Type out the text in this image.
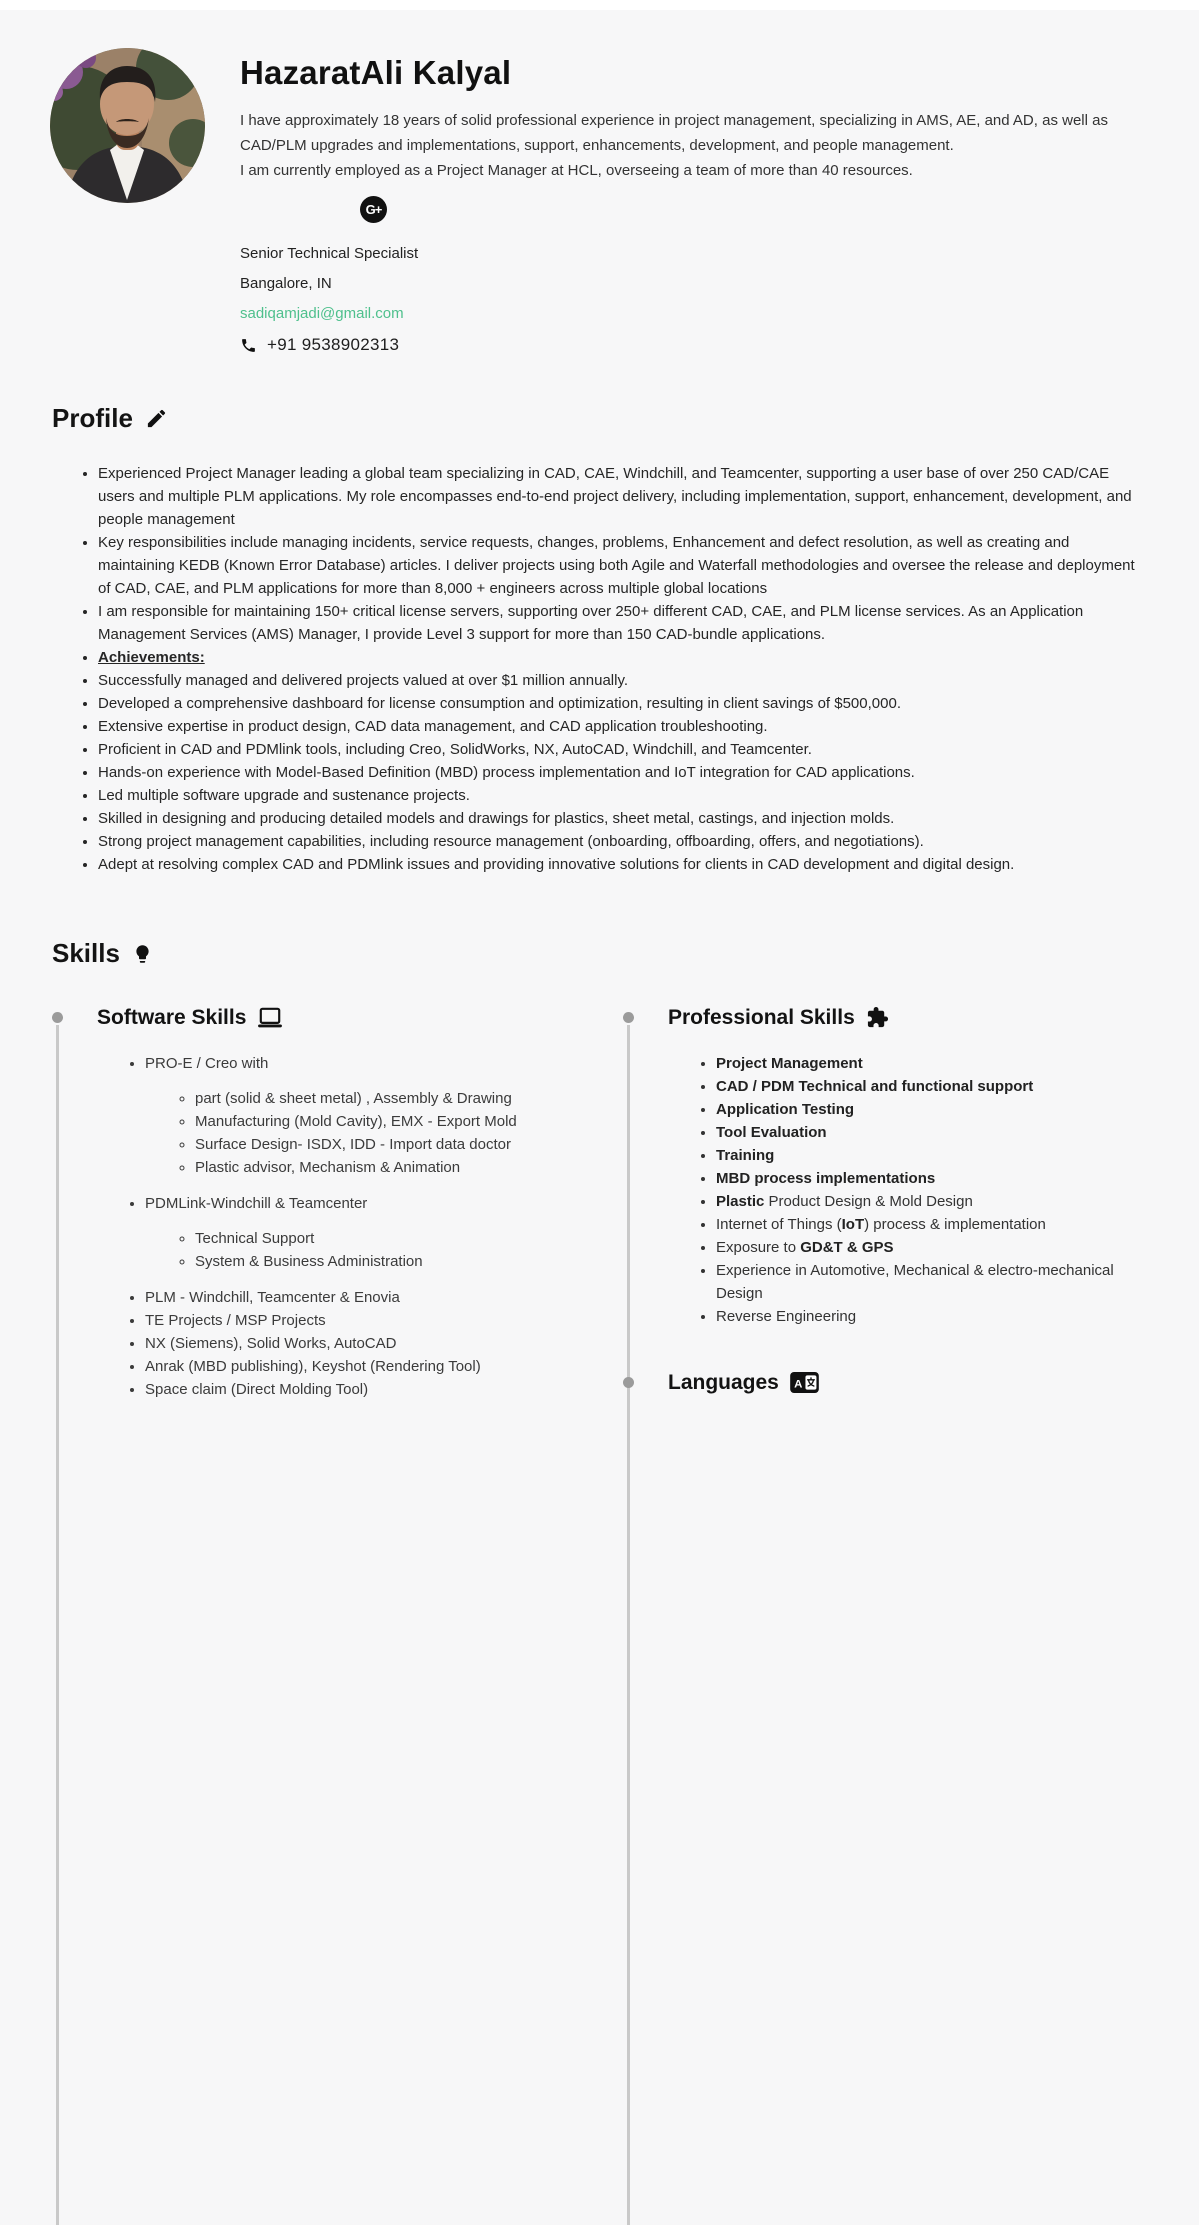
HazaratAli Kalyal

I have approximately 18 years of solid professional experience in project management, specializing in AMS, AE, and AD, as well as CAD/PLM upgrades and implementations, support, enhancements, development, and people management.

I am currently employed as a Project Manager at HCL, overseeing a team of more than 40 resources.

G+
Senior Technical Specialist
Bangalore, IN
sadiqamjadi@gmail.com
+91 9538902313
Profile
• Experienced Project Manager leading a global team specializing in CAD, CAE, Windchill, and Teamcenter, supporting a user base of over 250 CAD/CAE users and multiple PLM applications. My role encompasses end-to-end project delivery, including implementation, support, enhancement, development, and people management
• Key responsibilities include managing incidents, service requests, changes, problems, Enhancement and defect resolution, as well as creating and maintaining KEDB (Known Error Database) articles. I deliver projects using both Agile and Waterfall methodologies and oversee the release and deployment of CAD, CAE, and PLM applications for more than 8,000 + engineers across multiple global locations
• I am responsible for maintaining 150+ critical license servers, supporting over 250+ different CAD, CAE, and PLM license services. As an Application Management Services (AMS) Manager, I provide Level 3 support for more than 150 CAD-bundle applications.
• Achievements:
• Successfully managed and delivered projects valued at over $1 million annually.
• Developed a comprehensive dashboard for license consumption and optimization, resulting in client savings of $500,000.
• Extensive expertise in product design, CAD data management, and CAD application troubleshooting.
• Proficient in CAD and PDMlink tools, including Creo, SolidWorks, NX, AutoCAD, Windchill, and Teamcenter.
• Hands-on experience with Model-Based Definition (MBD) process implementation and IoT integration for CAD applications.
• Led multiple software upgrade and sustenance projects.
• Skilled in designing and producing detailed models and drawings for plastics, sheet metal, castings, and injection molds.
• Strong project management capabilities, including resource management (onboarding, offboarding, offers, and negotiations).
• Adept at resolving complex CAD and PDMlink issues and providing innovative solutions for clients in CAD development and digital design.
Skills
Software Skills
• PRO-E / Creo with
◦ part (solid & sheet metal) , Assembly & Drawing
◦ Manufacturing (Mold Cavity), EMX - Export Mold
◦ Surface Design- ISDX, IDD - Import data doctor
◦ Plastic advisor, Mechanism & Animation
• PDMLink-Windchill & Teamcenter
◦ Technical Support
◦ System & Business Administration
• PLM - Windchill, Teamcenter & Enovia
• TE Projects / MSP Projects
• NX (Siemens), Solid Works, AutoCAD
• Anrak (MBD publishing), Keyshot (Rendering Tool)
• Space claim (Direct Molding Tool)
Professional Skills
• Project Management
• CAD / PDM Technical and functional support
• Application Testing
• Tool Evaluation
• Training
• MBD process implementations
• Plastic Product Design & Mold Design
• Internet of Things (IoT) process & implementation
• Exposure to GD&T & GPS
• Experience in Automotive, Mechanical & electro-mechanical Design
• Reverse Engineering
Languages A
